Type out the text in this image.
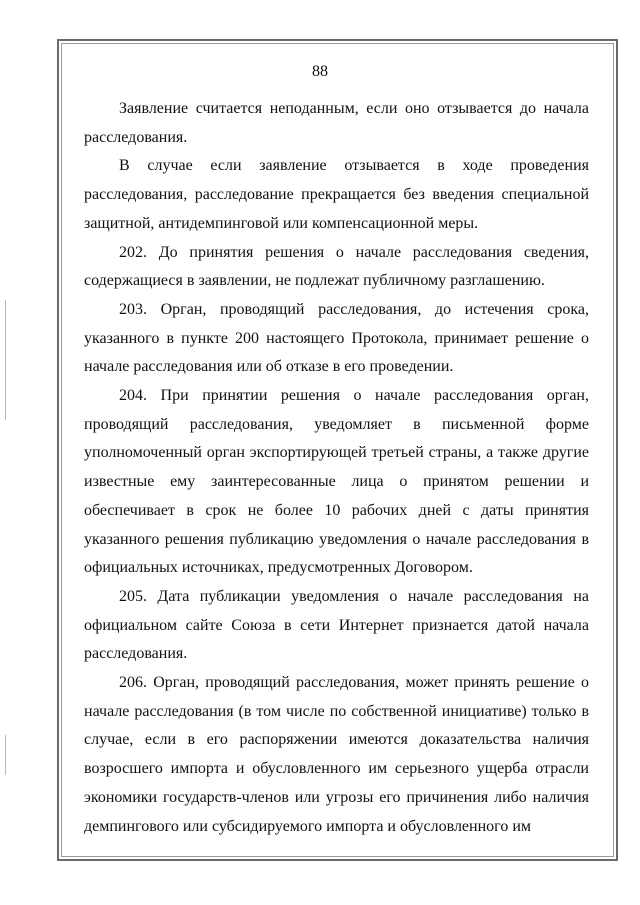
88

Заявление считается неподанным, если оно отзывается до начала расследования.

В случае если заявление отзывается в ходе проведения расследования, расследование прекращается без введения специальной защитной, антидемпинговой или компенсационной меры.

202. До принятия решения о начале расследования сведения, содержащиеся в заявлении, не подлежат публичному разглашению.

203. Орган, проводящий расследования, до истечения срока, указанного в пункте 200 настоящего Протокола, принимает решение о начале расследования или об отказе в его проведении.

204. При принятии решения о начале расследования орган, проводящий расследования, уведомляет в письменной форме уполномоченный орган экспортирующей третьей страны, а также другие известные ему заинтересованные лица о принятом решении и обеспечивает в срок не более 10 рабочих дней с даты принятия указанного решения публикацию уведомления о начале расследования в официальных источниках, предусмотренных Договором.

205. Дата публикации уведомления о начале расследования на официальном сайте Союза в сети Интернет признается датой начала расследования.

206. Орган, проводящий расследования, может принять решение о начале расследования (в том числе по собственной инициативе) только в случае, если в его распоряжении имеются доказательства наличия возросшего импорта и обусловленного им серьезного ущерба отрасли экономики государств-членов или угрозы его причинения либо наличия демпингового или субсидируемого импорта и обусловленного им
